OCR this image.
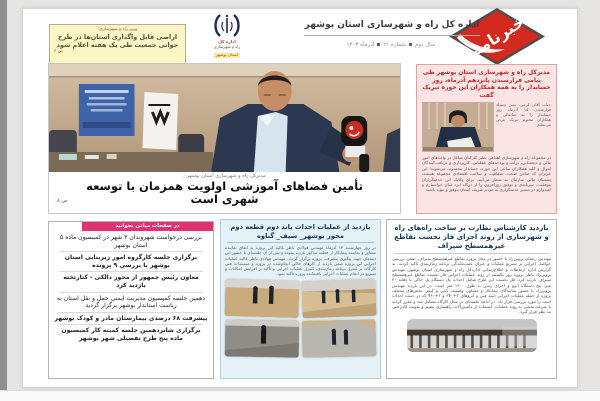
خبرنامه
اداره کل راه و شهرسازی استان بوشهر
سال دومشماره ۲۱آذرماه ۱۴۰۳
اداره کل
راه و شهرسازی
استان بوشهر
وزیر راه و شهرسازی:
اراضی قابل واگذاری استان‌ها در طرح جوانی جمعیت طی یک هفته اعلام شود
ص ۳
مدیرکل راه و شهرسازی استان بوشهر :
تأمین فضاهای آموزشی اولویت همزمان با توسعه شهری است
ص ۸
مدیرکل راه و شهرسازی استان بوشهر طی پیامی فرارسیدن پانزدهم آذرماه، روز حسابدار را به همه همکاران این حوزه تبریک گفت
جناب آقای کرمی، بدین وسیله فرارسیدن ۱۵ آذرماه روز حسابدار را به جنابعالی و همکاران محترم تبریک عرض می‌نمایم
در مجموعه راه و شهرسازی اهدافی نظیر کارکنان شاغل در واحدهای امور مالی و ذیحسابی، درآمد و بودجه‌های عملیاتی، کارپردازی و دریافت‌کنندگان اموال و کلیه همکاران ساعی این حوزه، حسابدار محسوب می‌شوند؛ این عزیزان که ضامن صحت، شفافیت و سلامت اقتصادی مجموعه هستند، پشتیبان مالی سازمان به شمار می‌آیند. برای یکایک این خدمتگزاران موفقیت، سربلندی و توفیق روزافزون را از درگاه ایزد منان خواستارم و امیدوارم در مسیر خدمتگزاری به مردم شریف استان موفق و مؤید باشید.
در صفحات میانی بخوانید
بررسی درخواست شهروندان ۳ شهر در کمیسیون ماده ۵ استان بوشهر
برگزاری جلسه کارگروه امور زیربنایی استان بوشهر با بررسی ۹ پرونده
معاون رئیس جمهور از محور دالکی - کنارتخته بازدید کرد
دهمین جلسه کمیسیون مدیریت ایمنی حمل و نقل استان به ریاست استاندار بوشهر برگزار گردید
پیشرفت ۶۸ درصدی بیمارستان مادر و کودک بوشهر
برگزاری شانزدهمین جلسه کمیته کار کمیسیون ماده پنج طرح تفصیلی شهر بوشهر
بازدید از عملیات احداث باند دوم قطعه دوم محور بوشهر_ سیف_ گناوه
در روز چهارشنبه ۱۳ آذرماه مهندس فولادی ناظر عالیه این پروژه به اتفاق نماینده مشاور و نماینده پیمانکار از قطعه مذکور بازدید نموده و پس از آن جلسه‌ای با حضور این ذینفعان جهت پیگیری پیشرفت پروژه برگزار گردید. مهندس فولادی ناظر عالیه عملیات اجرایی این پروژه ضمن بازدید از کارهای خاکی انجام‌شده در پروژه و مستندات فنی کارگاه، بر کنترل برنامه زمان‌بندی، کنترل عملیات اجرایی و تأکید بر افزایش امکانات و تسریع در انجام عملیات اجرایی باقیمانده پروژه تأکید نمود.
بازدید کارشناس نظارت بر ساخت راه‌های راه و شهرسازی از روند اجرای فاز نخست تقاطع غیرهمسطح سیراف
مهندس رحمان پروین‌راد با حضور در محل پروژه تقاطع غیرهمسطح سیراف، ضمن بررسی حواصل اجرایی بر تسریع عملیات و جبران عقب‌ماندگی برنامه زمان‌بندی تأکید کردند. به گزارش اداره ارتباطات و اطلاع‌رسانی اداره‌کل راه و شهرسازی استان بوشهر، مهندس پروین‌راد ناظر پروژه روز یکشنبه از روند عملیات اجرایی فاز نخست تقاطع غیرهمسطح سیراف بازدید کرد. فاز نخست این طرح شامل احداث یک دستگاه پل خاکی با دهانه ۳۰ متر، پنج دستگاه آبرو و اجرای زمین به طول ۱۳۰۰ متر است. در این بازدید مهندس پروین‌راد با حضور نمایندگان پیمانکار و مشاور، وضعیت کمی و کیفی بخش‌های مختلف پروژه از جمله عملیات اجرایی ابنیه فنی و آبروهای ۲+۳۴۰ و ۲+۹۶۰ که در دست احداث است را مورد بررسی قرار داد. در ادامه جلسه‌ای در محل کارگاه تشکیل شد و مقرر گردید با سرعت‌بخشی به روند عملیات، استفاده از ماشین‌آلات راهسازی بیشتر و تقویت کادر فنی مد نظر قرار گیرد.
